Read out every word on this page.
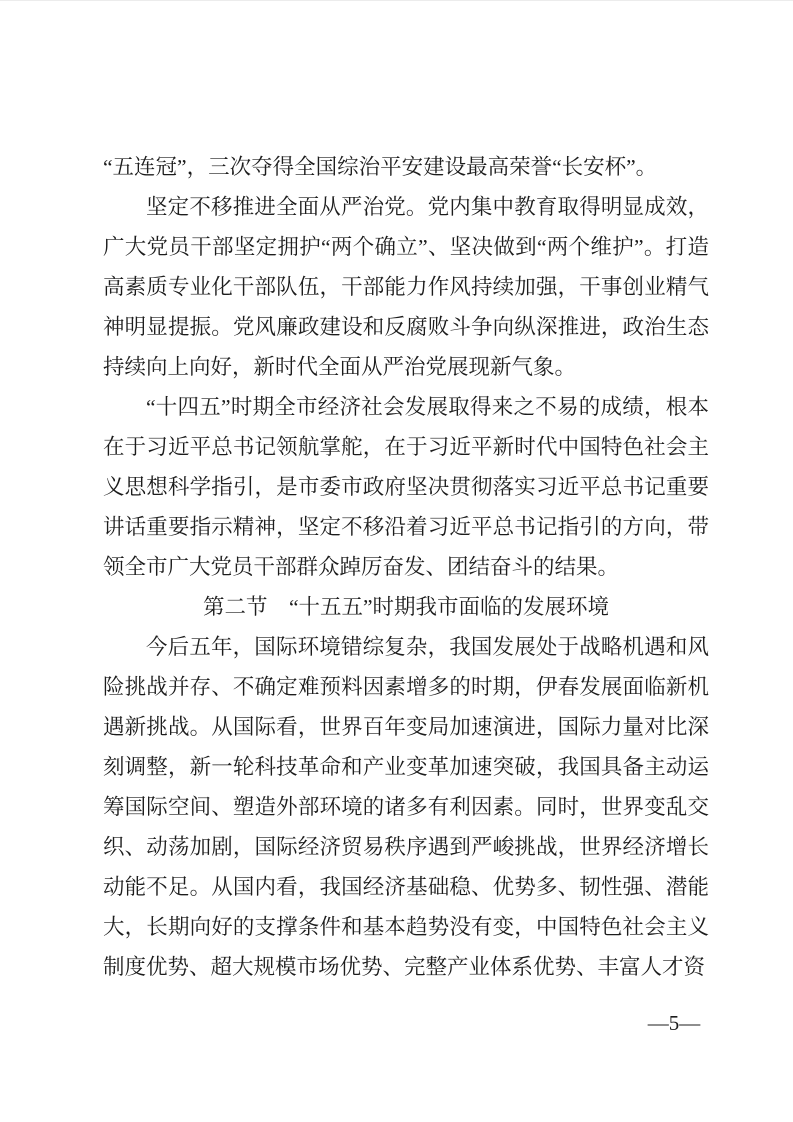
“五连冠”，三次夺得全国综治平安建设最高荣誉“长安杯”。

坚定不移推进全面从严治党。党内集中教育取得明显成效，广大党员干部坚定拥护“两个确立”、坚决做到“两个维护”。打造高素质专业化干部队伍，干部能力作风持续加强，干事创业精气神明显提振。党风廉政建设和反腐败斗争向纵深推进，政治生态持续向上向好，新时代全面从严治党展现新气象。

“十四五”时期全市经济社会发展取得来之不易的成绩，根本在于习近平总书记领航掌舵，在于习近平新时代中国特色社会主义思想科学指引，是市委市政府坚决贯彻落实习近平总书记重要讲话重要指示精神，坚定不移沿着习近平总书记指引的方向，带领全市广大党员干部群众踔厉奋发、团结奋斗的结果。

第二节 “十五五”时期我市面临的发展环境

今后五年，国际环境错综复杂，我国发展处于战略机遇和风险挑战并存、不确定难预料因素增多的时期，伊春发展面临新机遇新挑战。从国际看，世界百年变局加速演进，国际力量对比深刻调整，新一轮科技革命和产业变革加速突破，我国具备主动运筹国际空间、塑造外部环境的诸多有利因素。同时，世界变乱交织、动荡加剧，国际经济贸易秩序遇到严峻挑战，世界经济增长动能不足。从国内看，我国经济基础稳、优势多、韧性强、潜能大，长期向好的支撑条件和基本趋势没有变，中国特色社会主义制度优势、超大规模市场优势、完整产业体系优势、丰富人才资

—5—
